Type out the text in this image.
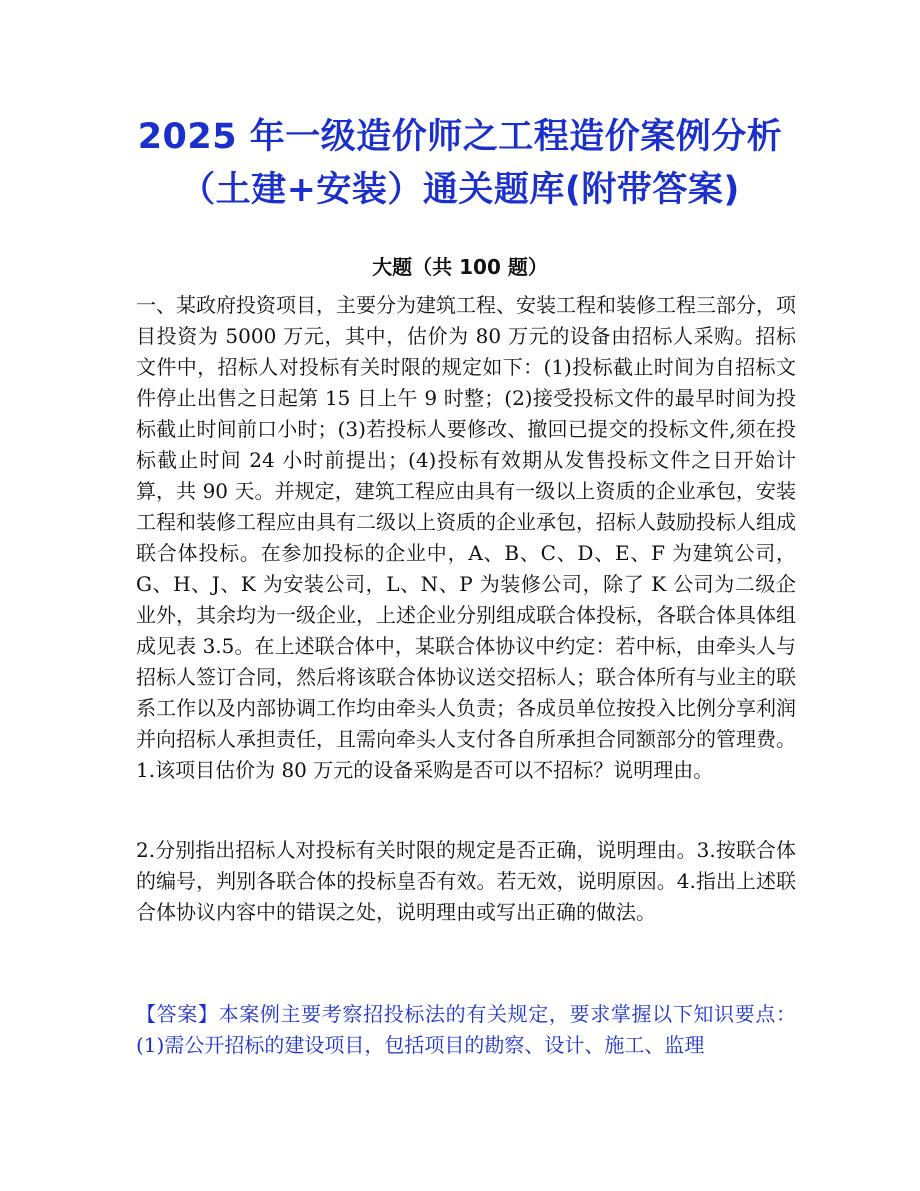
2025 年一级造价师之工程造价案例分析
（土建+安装）通关题库(附带答案)
大题（共 100 题）
一、某政府投资项目，主要分为建筑工程、安装工程和装修工程三部分，项目投资为 5000 万元，其中，估价为 80 万元的设备由招标人采购。招标文件中，招标人对投标有关时限的规定如下：(1)投标截止时间为自招标文件停止出售之日起第 15 日上午 9 时整；(2)接受投标文件的最早时间为投标截止时间前口小时；(3)若投标人要修改、撤回已提交的投标文件,须在投标截止时间 24 小时前提出；(4)投标有效期从发售投标文件之日开始计算，共 90 天。并规定，建筑工程应由具有一级以上资质的企业承包，安装工程和装修工程应由具有二级以上资质的企业承包，招标人鼓励投标人组成联合体投标。在参加投标的企业中，A、B、C、D、E、F 为建筑公司，G、H、J、K 为安装公司，L、N、P 为装修公司，除了 K 公司为二级企业外，其余均为一级企业，上述企业分别组成联合体投标，各联合体具体组成见表 3.5。在上述联合体中，某联合体协议中约定：若中标，由牵头人与招标人签订合同，然后将该联合体协议送交招标人；联合体所有与业主的联系工作以及内部协调工作均由牵头人负责；各成员单位按投入比例分享利润并向招标人承担责任，且需向牵头人支付各自所承担合同额部分的管理费。1.该项目估价为 80 万元的设备采购是否可以不招标？说明理由。
2.分别指出招标人对投标有关时限的规定是否正确，说明理由。3.按联合体的编号，判别各联合体的投标皇否有效。若无效，说明原因。4.指出上述联合体协议内容中的错误之处，说明理由或写出正确的做法。
【答案】本案例主要考察招投标法的有关规定，要求掌握以下知识要点：(1)需公开招标的建设项目，包括项目的勘察、设计、施工、监理
